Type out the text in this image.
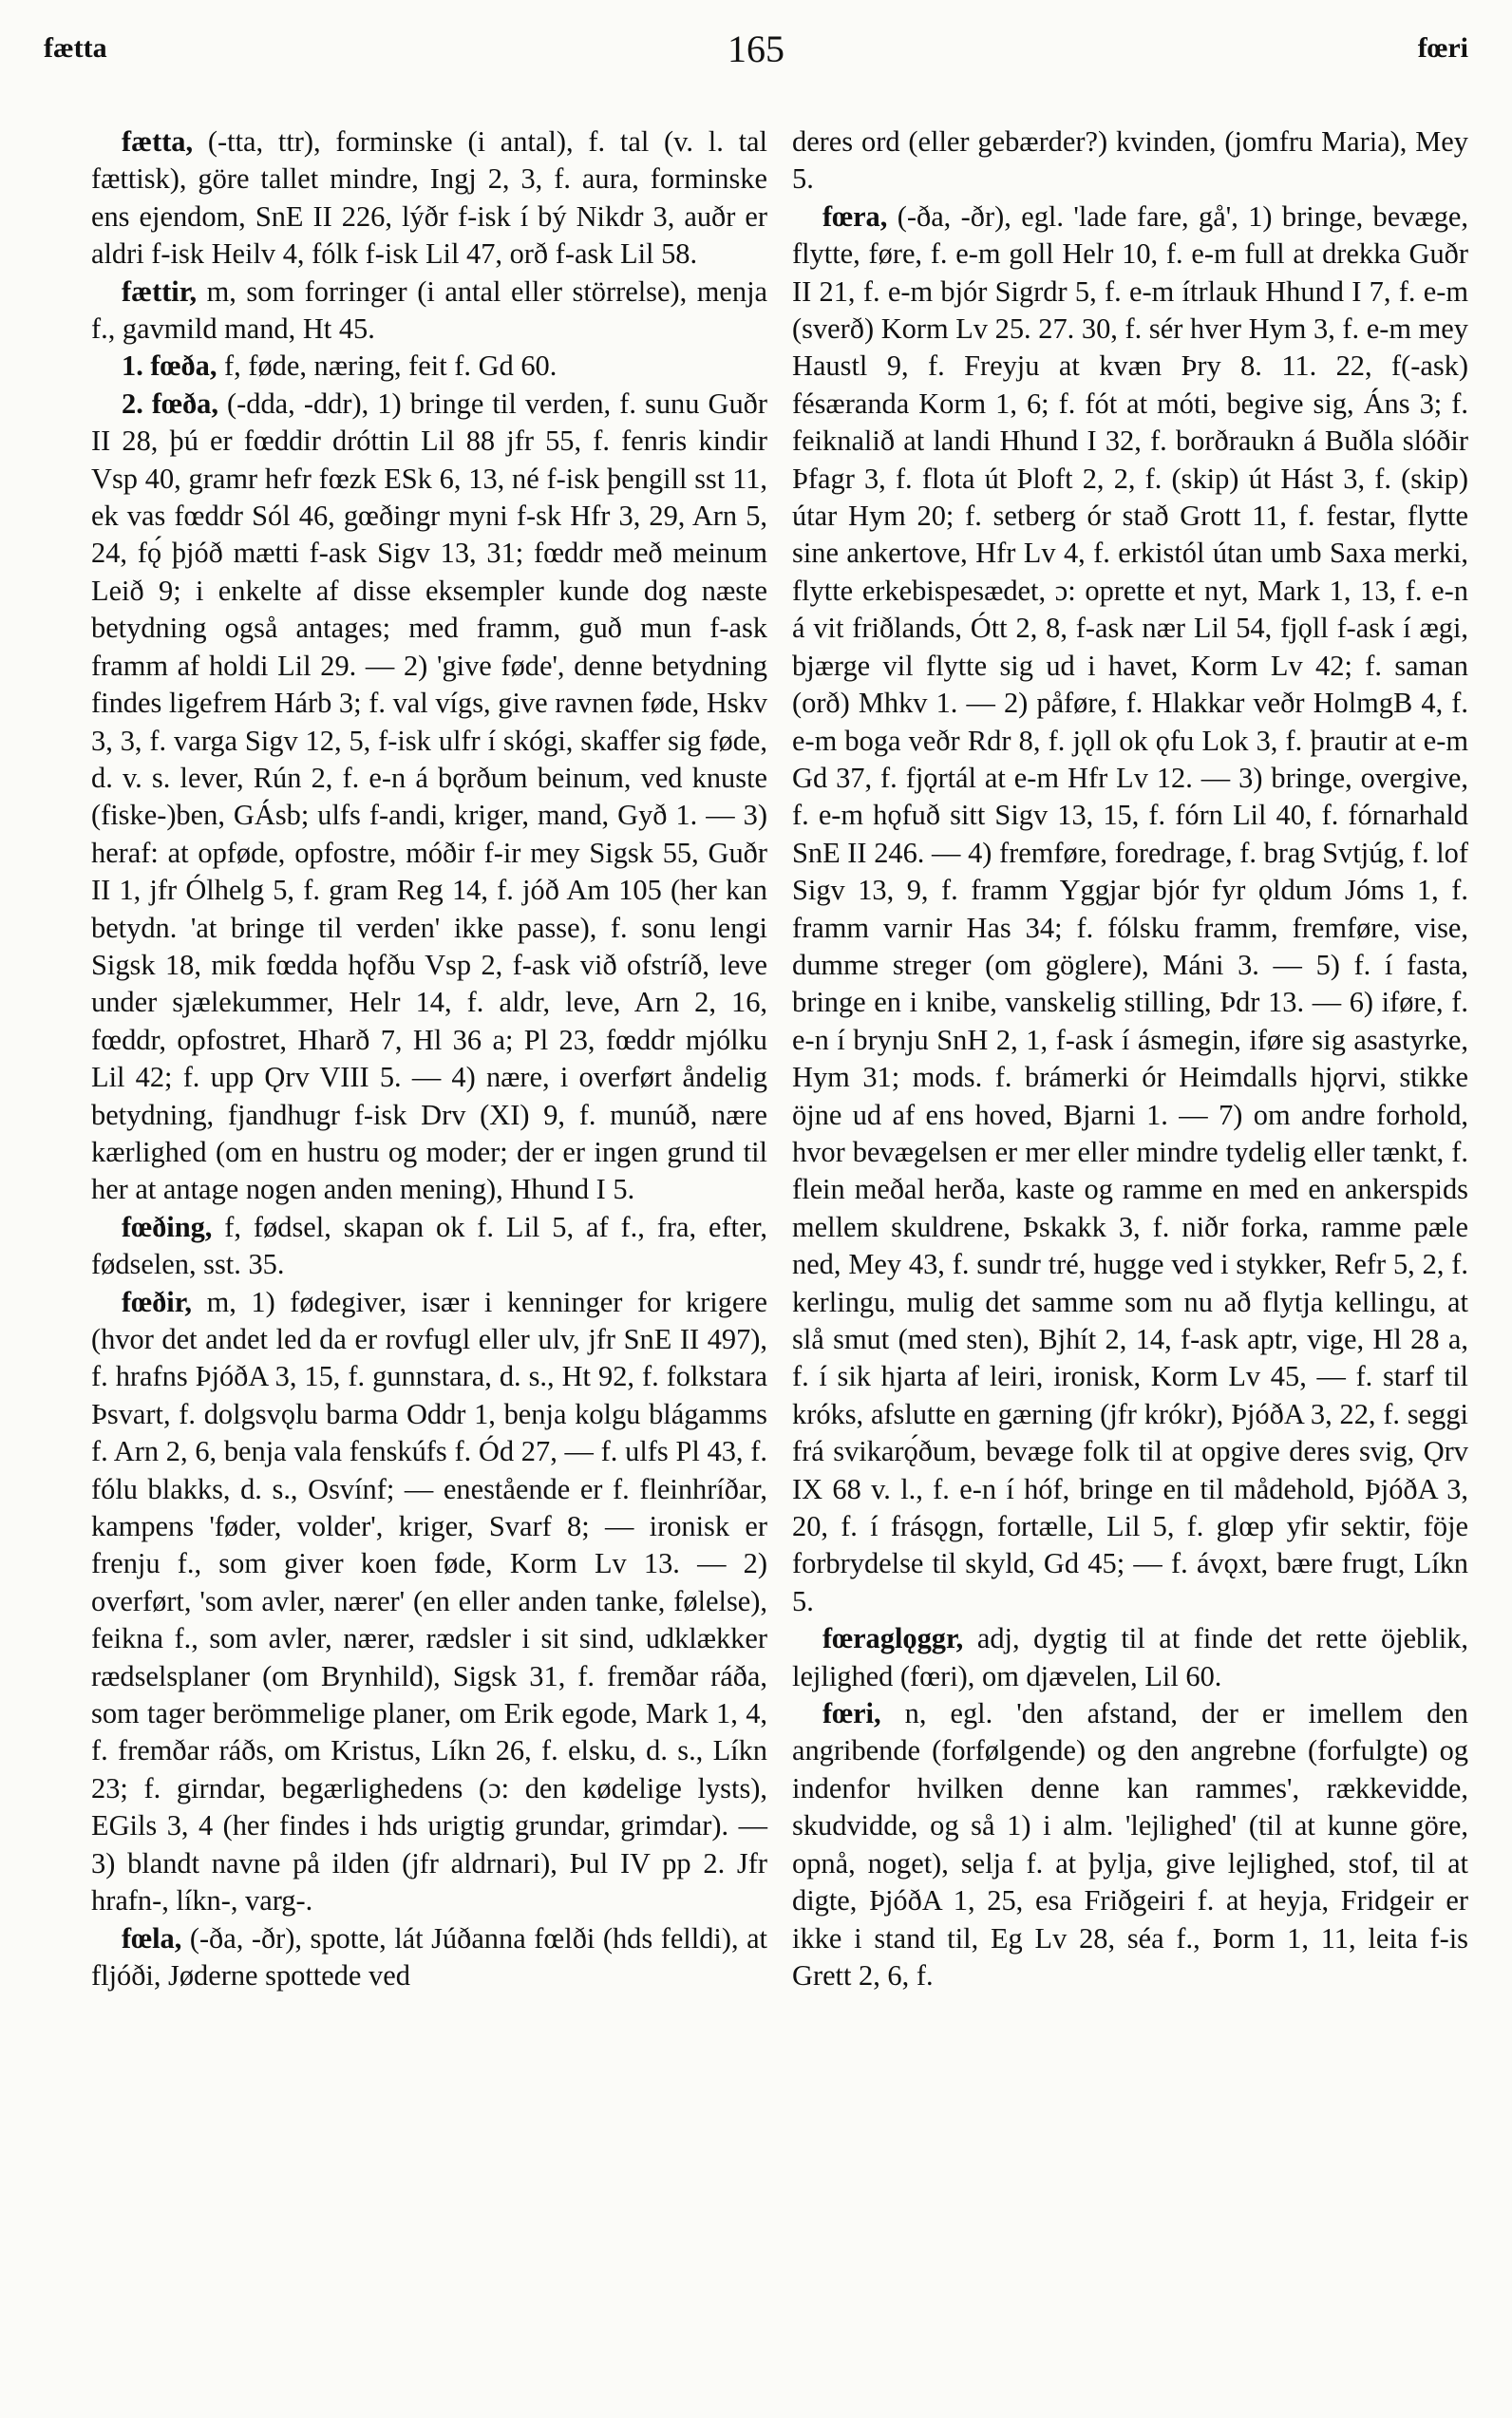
fætta	165	fœri

fætta, (-tta, ttr), forminske (i antal), f. tal (v. l. tal fættisk), göre tallet mindre, Ingj 2, 3, f. aura, forminske ens ejendom, SnE II 226, lýðr f-isk í bý Nikdr 3, auðr er aldri f-isk Heilv 4, fólk f-isk Lil 47, orð f-ask Lil 58.

fættir, m, som forringer (i antal eller störrelse), menja f., gavmild mand, Ht 45.

1. fœða, f, føde, næring, feit f. Gd 60.

2. fœða, (-dda, -ddr), 1) bringe til verden, f. sunu Guðr II 28, þú er fœddir dróttin Lil 88 jfr 55, f. fenris kindir Vsp 40, gramr hefr fœzk ESk 6, 13, né f-isk þengill sst 11, ek vas fœddr Sól 46, gœðingr myni f-sk Hfr 3, 29, Arn 5, 24, fǫ́ þjóð mætti f-ask Sigv 13, 31; fœddr með meinum Leið 9; i enkelte af disse eksempler kunde dog næste betydning også antages; med framm, guð mun f-ask framm af holdi Lil 29. — 2) 'give føde', denne betydning findes ligefrem Hárb 3; f. val vígs, give ravnen føde, Hskv 3, 3, f. varga Sigv 12, 5, f-isk ulfr í skógi, skaffer sig føde, d. v. s. lever, Rún 2, f. e-n á bǫrðum beinum, ved knuste (fiske-)ben, GÁsb; ulfs f-andi, kriger, mand, Gyð 1. — 3) heraf: at opføde, opfostre, móðir f-ir mey Sigsk 55, Guðr II 1, jfr Ólhelg 5, f. gram Reg 14, f. jóð Am 105 (her kan betydn. 'at bringe til verden' ikke passe), f. sonu lengi Sigsk 18, mik fœdda hǫfðu Vsp 2, f-ask við ofstríð, leve under sjælekummer, Helr 14, f. aldr, leve, Arn 2, 16, fœddr, opfostret, Hharð 7, Hl 36 a; Pl 23, fœddr mjólku Lil 42; f. upp Ǫrv VIII 5. — 4) nære, i overført åndelig betydning, fjandhugr f-isk Drv (XI) 9, f. munúð, nære kærlighed (om en hustru og moder; der er ingen grund til her at antage nogen anden mening), Hhund I 5.

fœðing, f, fødsel, skapan ok f. Lil 5, af f., fra, efter, fødselen, sst. 35.

fœðir, m, 1) fødegiver, især i kenninger for krigere (hvor det andet led da er rovfugl eller ulv, jfr SnE II 497), f. hrafns ÞjóðA 3, 15, f. gunnstara, d. s., Ht 92, f. folkstara Þsvart, f. dolgsvǫlu barma Oddr 1, benja kolgu blágamms f. Arn 2, 6, benja vala fenskúfs f. Ód 27, — f. ulfs Pl 43, f. fólu blakks, d. s., Osvínf; — enestående er f. fleinhríðar, kampens 'føder, volder', kriger, Svarf 8; — ironisk er frenju f., som giver koen føde, Korm Lv 13. — 2) overført, 'som avler, nærer' (en eller anden tanke, følelse), feikna f., som avler, nærer, rædsler i sit sind, udklækker rædselsplaner (om Brynhild), Sigsk 31, f. fremðar ráða, som tager berömmelige planer, om Erik egode, Mark 1, 4, f. fremðar ráðs, om Kristus, Líkn 26, f. elsku, d. s., Líkn 23; f. girndar, begærlighedens (ɔ: den kødelige lysts), EGils 3, 4 (her findes i hds urigtig grundar, grimdar). — 3) blandt navne på ilden (jfr aldrnari), Þul IV pp 2. Jfr hrafn-, líkn-, varg-.

fœla, (-ða, -ðr), spotte, lát Júðanna fœlði (hds felldi), at fljóði, Jøderne spottede ved

deres ord (eller gebærder?) kvinden, (jomfru Maria), Mey 5.

fœra, (-ða, -ðr), egl. 'lade fare, gå', 1) bringe, bevæge, flytte, føre, f. e-m goll Helr 10, f. e-m full at drekka Guðr II 21, f. e-m bjór Sigrdr 5, f. e-m ítrlauk Hhund I 7, f. e-m (sverð) Korm Lv 25. 27. 30, f. sér hver Hym 3, f. e-m mey Haustl 9, f. Freyju at kvæn Þry 8. 11. 22, f(-ask) fésæranda Korm 1, 6; f. fót at móti, begive sig, Áns 3; f. feiknalið at landi Hhund I 32, f. borðraukn á Buðla slóðir Þfagr 3, f. flota út Þloft 2, 2, f. (skip) út Hást 3, f. (skip) útar Hym 20; f. setberg ór stað Grott 11, f. festar, flytte sine ankertove, Hfr Lv 4, f. erkistól útan umb Saxa merki, flytte erkebispesædet, ɔ: oprette et nyt, Mark 1, 13, f. e-n á vit friðlands, Ótt 2, 8, f-ask nær Lil 54, fjǫll f-ask í ægi, bjærge vil flytte sig ud i havet, Korm Lv 42; f. saman (orð) Mhkv 1. — 2) påføre, f. Hlakkar veðr HolmgB 4, f. e-m boga veðr Rdr 8, f. jǫll ok ǫfu Lok 3, f. þrautir at e-m Gd 37, f. fjǫrtál at e-m Hfr Lv 12. — 3) bringe, overgive, f. e-m hǫfuð sitt Sigv 13, 15, f. fórn Lil 40, f. fórnarhald SnE II 246. — 4) fremføre, foredrage, f. brag Svtjúg, f. lof Sigv 13, 9, f. framm Yggjar bjór fyr ǫldum Jóms 1, f. framm varnir Has 34; f. fólsku framm, fremføre, vise, dumme streger (om göglere), Máni 3. — 5) f. í fasta, bringe en i knibe, vanskelig stilling, Þdr 13. — 6) iføre, f. e-n í brynju SnH 2, 1, f-ask í ásmegin, iføre sig asastyrke, Hym 31; mods. f. brámerki ór Heimdalls hjǫrvi, stikke öjne ud af ens hoved, Bjarni 1. — 7) om andre forhold, hvor bevægelsen er mer eller mindre tydelig eller tænkt, f. flein meðal herða, kaste og ramme en med en ankerspids mellem skuldrene, Þskakk 3, f. niðr forka, ramme pæle ned, Mey 43, f. sundr tré, hugge ved i stykker, Refr 5, 2, f. kerlingu, mulig det samme som nu að flytja kellingu, at slå smut (med sten), Bjhít 2, 14, f-ask aptr, vige, Hl 28 a, f. í sik hjarta af leiri, ironisk, Korm Lv 45, — f. starf til króks, afslutte en gærning (jfr krókr), ÞjóðA 3, 22, f. seggi frá svikarǫ́ðum, bevæge folk til at opgive deres svig, Ǫrv IX 68 v. l., f. e-n í hóf, bringe en til mådehold, ÞjóðA 3, 20, f. í frásǫgn, fortælle, Lil 5, f. glœp yfir sektir, föje forbrydelse til skyld, Gd 45; — f. ávǫxt, bære frugt, Líkn 5.

fœraglǫggr, adj, dygtig til at finde det rette öjeblik, lejlighed (fœri), om djævelen, Lil 60.

fœri, n, egl. 'den afstand, der er imellem den angribende (forfølgende) og den angrebne (forfulgte) og indenfor hvilken denne kan rammes', rækkevidde, skudvidde, og så 1) i alm. 'lejlighed' (til at kunne göre, opnå, noget), selja f. at þylja, give lejlighed, stof, til at digte, ÞjóðA 1, 25, esa Friðgeiri f. at heyja, Fridgeir er ikke i stand til, Eg Lv 28, séa f., Þorm 1, 11, leita f-is Grett 2, 6, f.
